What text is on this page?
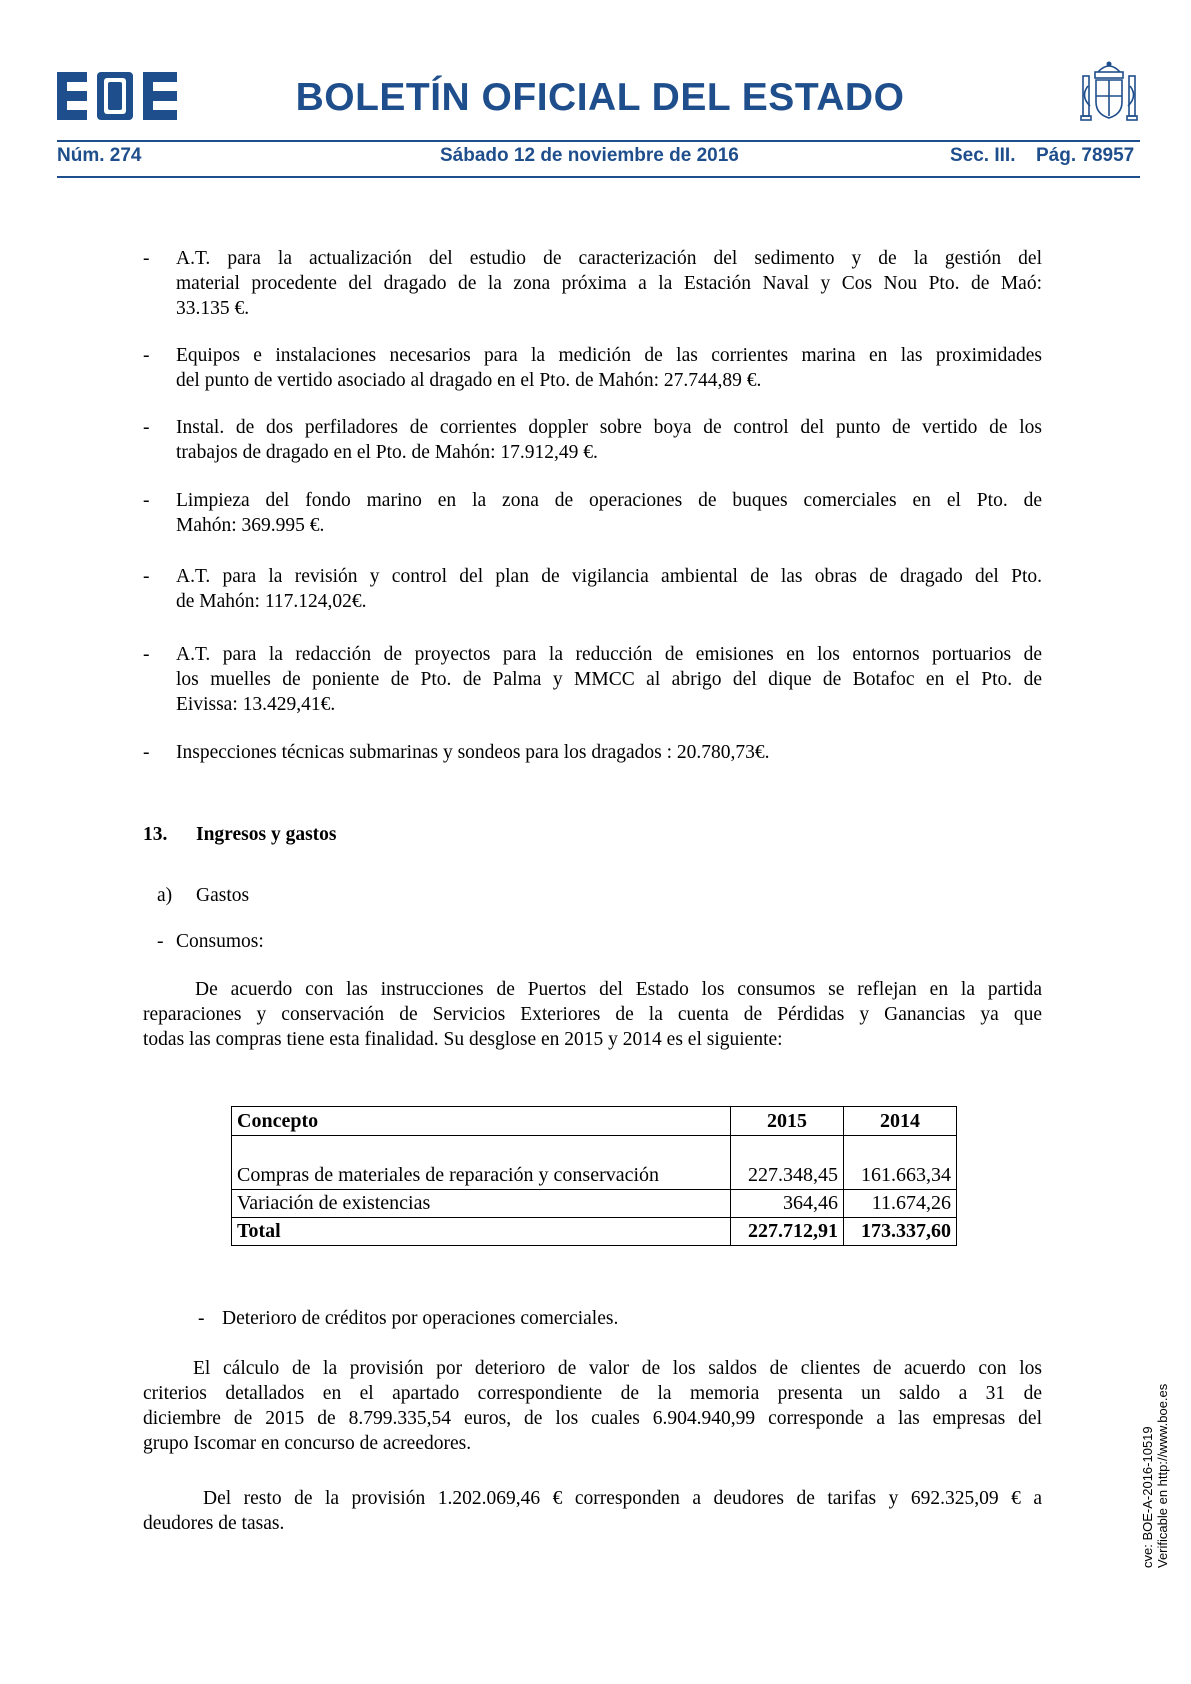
BOLETÍN OFICIAL DEL ESTADO
Núm. 274	Sábado 12 de noviembre de 2016	Sec. III. Pág. 78957
- A.T. para la actualización del estudio de caracterización del sedimento y de la gestión del
material procedente del dragado de la zona próxima a la Estación Naval y Cos Nou Pto. de Maó:
33.135 €.
- Equipos e instalaciones necesarios para la medición de las corrientes marina en las proximidades
del punto de vertido asociado al dragado en el Pto. de Mahón: 27.744,89 €.
- Instal. de dos perfiladores de corrientes doppler sobre boya de control del punto de vertido de los
trabajos de dragado en el Pto. de Mahón: 17.912,49 €.
- Limpieza del fondo marino en la zona de operaciones de buques comerciales en el Pto. de
Mahón: 369.995 €.
- A.T. para la revisión y control del plan de vigilancia ambiental de las obras de dragado del Pto.
de Mahón: 117.124,02€.
- A.T. para la redacción de proyectos para la reducción de emisiones en los entornos portuarios de
los muelles de poniente de Pto. de Palma y MMCC al abrigo del dique de Botafoc en el Pto. de
Eivissa: 13.429,41€.
- Inspecciones técnicas submarinas y sondeos para los dragados : 20.780,73€.
13. Ingresos y gastos
a) Gastos
- Consumos:
De acuerdo con las instrucciones de Puertos del Estado los consumos se reflejan en la partida
reparaciones y conservación de Servicios Exteriores de la cuenta de Pérdidas y Ganancias ya que
todas las compras tiene esta finalidad. Su desglose en 2015 y 2014 es el siguiente:
Concepto	2015	2014
Compras de materiales de reparación y conservación	227.348,45	161.663,34
Variación de existencias	364,46	11.674,26
Total	227.712,91	173.337,60
- Deterioro de créditos por operaciones comerciales.
El cálculo de la provisión por deterioro de valor de los saldos de clientes de acuerdo con los
criterios detallados en el apartado correspondiente de la memoria presenta un saldo a 31 de
diciembre de 2015 de 8.799.335,54 euros, de los cuales 6.904.940,99 corresponde a las empresas del
grupo Iscomar en concurso de acreedores.
Del resto de la provisión 1.202.069,46 € corresponden a deudores de tarifas y 692.325,09 € a
deudores de tasas.	cve: BOE-A-2016-10519 Verificable en http://www.boe.es
